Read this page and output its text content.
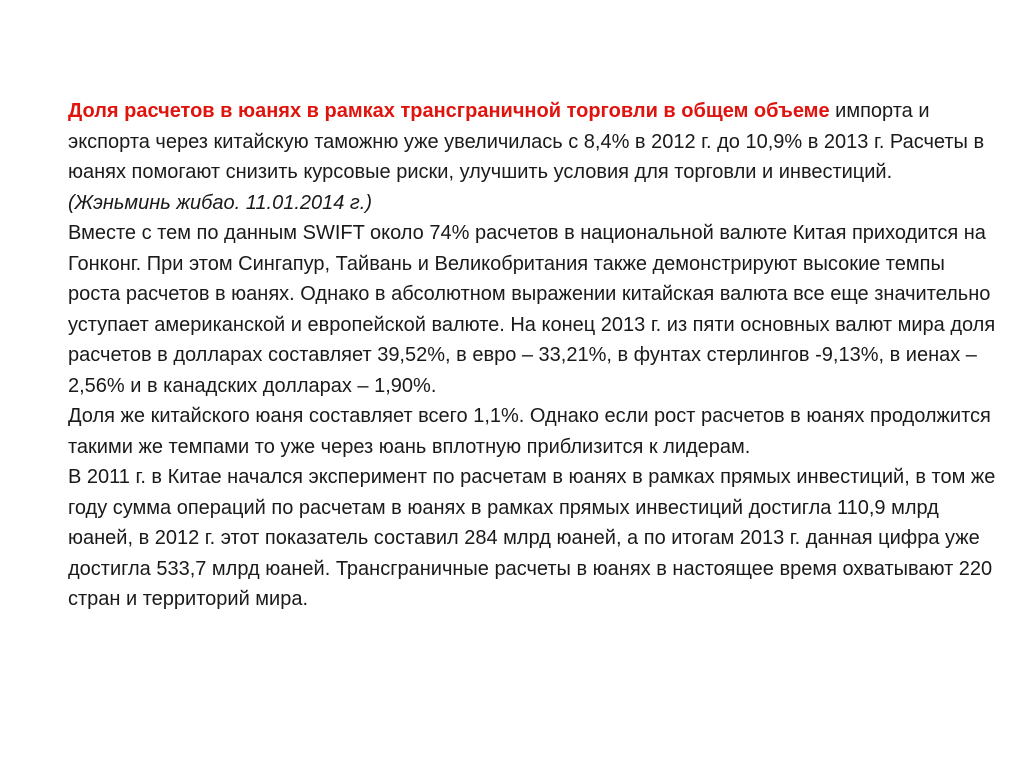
Доля расчетов в юанях в рамках трансграничной торговли в общем объеме импорта и экспорта через китайскую таможню уже увеличилась с 8,4% в 2012 г. до 10,9% в 2013 г. Расчеты в юанях помогают снизить курсовые риски, улучшить условия для торговли и инвестиций. (Жэньминь жибао. 11.01.2014 г.)

Вместе с тем по данным SWIFT около 74% расчетов в национальной валюте Китая приходится на Гонконг. При этом Сингапур, Тайвань и Великобритания также демонстрируют высокие темпы роста расчетов в юанях. Однако в абсолютном выражении китайская валюта все еще значительно уступает американской и европейской валюте. На конец 2013 г. из пяти основных валют мира доля расчетов в долларах составляет 39,52%, в евро – 33,21%, в фунтах стерлингов -9,13%, в иенах – 2,56% и в канадских долларах – 1,90%.

Доля же китайского юаня составляет всего 1,1%. Однако если рост расчетов в юанях продолжится такими же темпами то уже через юань вплотную приблизится к лидерам.

В 2011 г. в Китае начался эксперимент по расчетам в юанях в рамках прямых инвестиций, в том же году сумма операций по расчетам в юанях в рамках прямых инвестиций достигла 110,9 млрд юаней, в 2012 г. этот показатель составил 284 млрд юаней, а по итогам 2013 г. данная цифра уже достигла 533,7 млрд юаней. Трансграничные расчеты в юанях в настоящее время охватывают 220 стран и территорий мира.
